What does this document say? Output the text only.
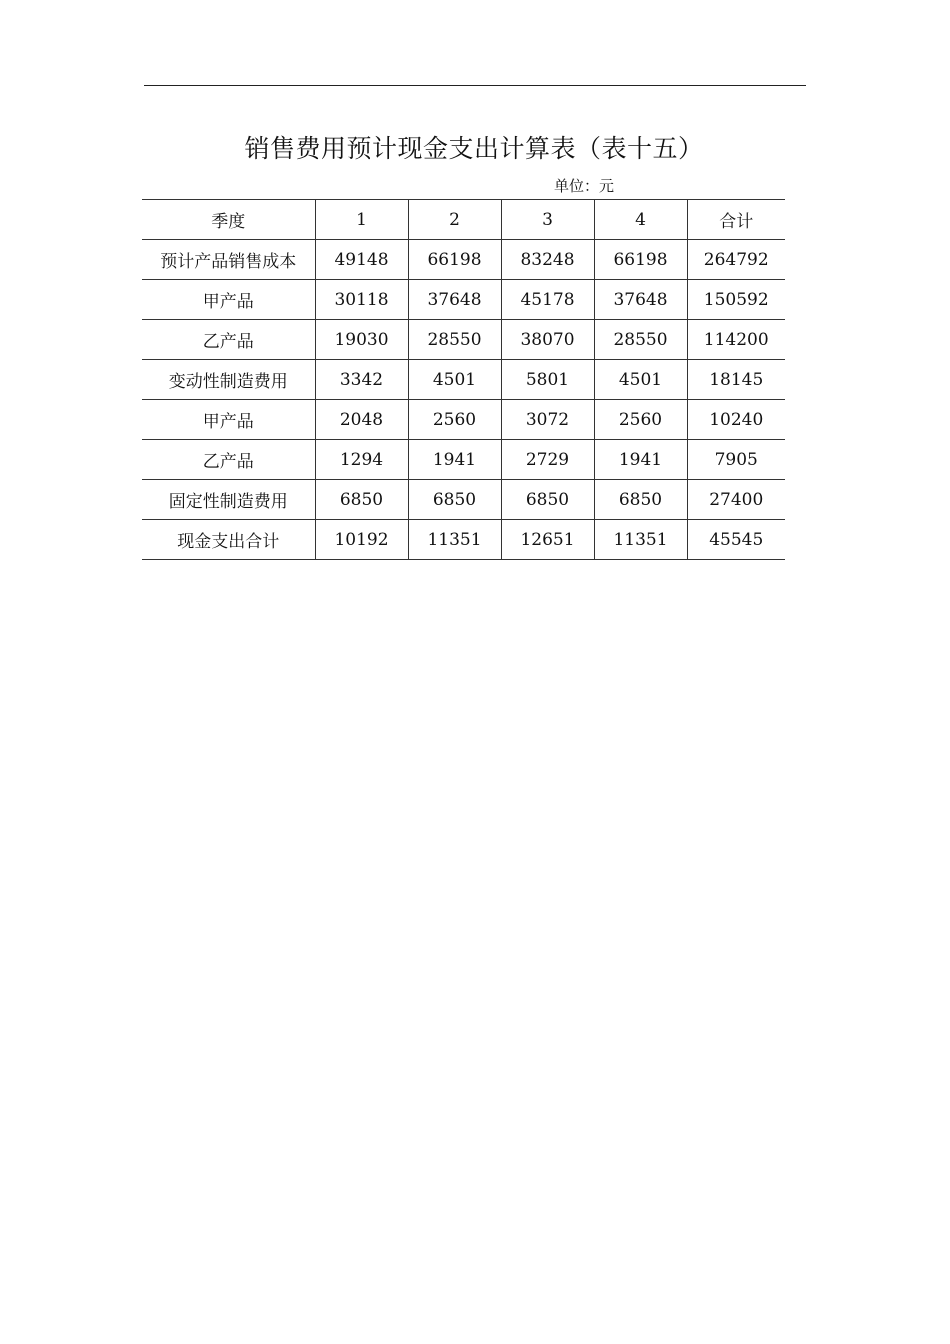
销售费用预计现金支出计算表（表十五）
单位：元
季度	1	2	3	4	合计
预计产品销售成本	49148	66198	83248	66198	264792
甲产品	30118	37648	45178	37648	150592
乙产品	19030	28550	38070	28550	114200
变动性制造费用	3342	4501	5801	4501	18145
甲产品	2048	2560	3072	2560	10240
乙产品	1294	1941	2729	1941	7905
固定性制造费用	6850	6850	6850	6850	27400
现金支出合计	10192	11351	12651	11351	45545
